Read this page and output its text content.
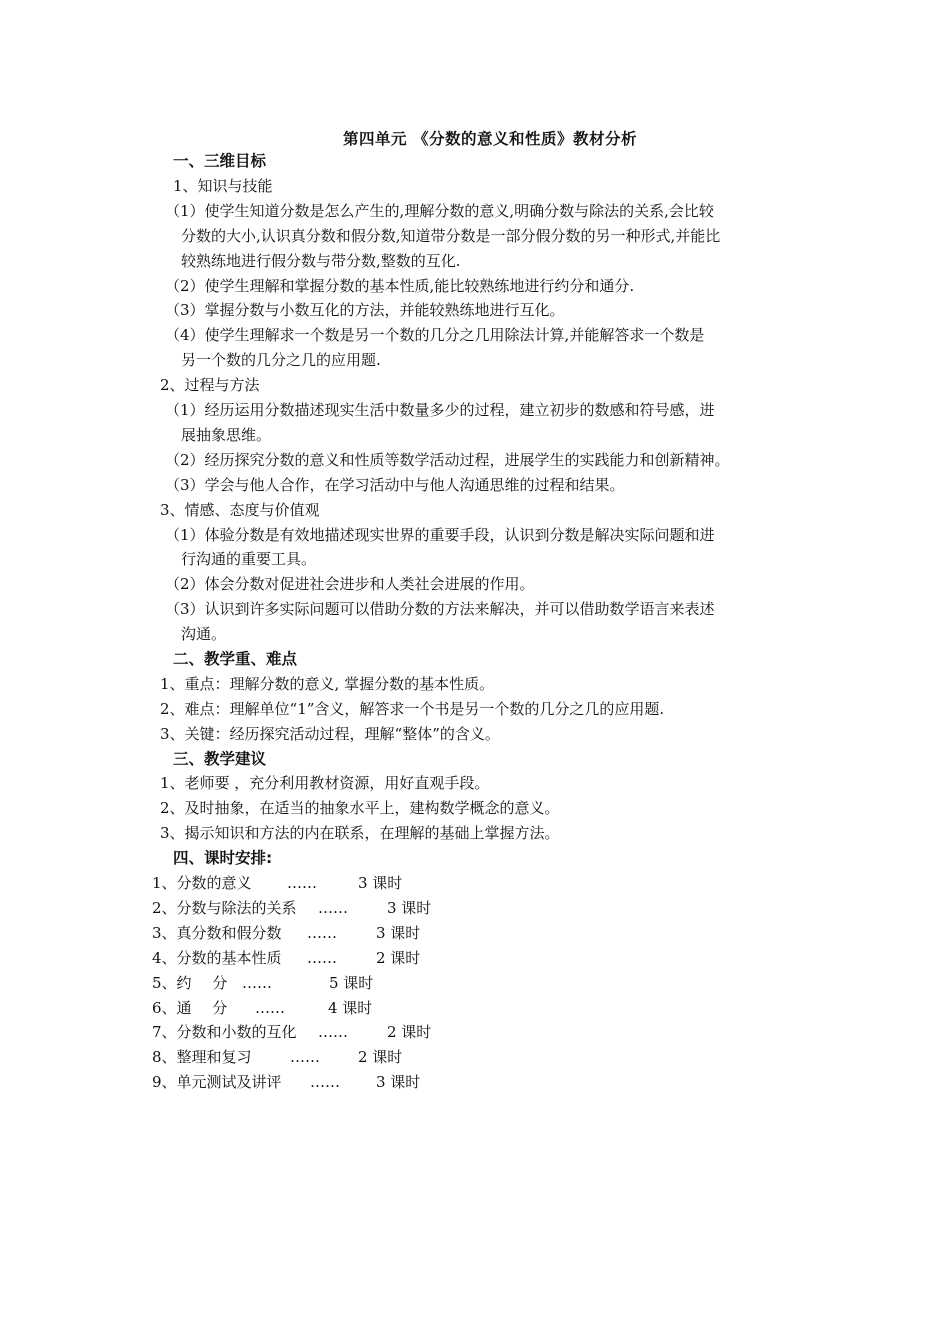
第四单元 《分数的意义和性质》教材分析
一、三维目标
1、知识与技能
（1）使学生知道分数是怎么产生的,理解分数的意义,明确分数与除法的关系,会比较
分数的大小,认识真分数和假分数,知道带分数是一部分假分数的另一种形式,并能比
较熟练地进行假分数与带分数,整数的互化.
（2）使学生理解和掌握分数的基本性质,能比较熟练地进行约分和通分.
（3）掌握分数与小数互化的方法，并能较熟练地进行互化。
（4）使学生理解求一个数是另一个数的几分之几用除法计算,并能解答求一个数是
另一个数的几分之几的应用题.
2、过程与方法
（1）经历运用分数描述现实生活中数量多少的过程，建立初步的数感和符号感，进
展抽象思维。
（2）经历探究分数的意义和性质等数学活动过程，进展学生的实践能力和创新精神。
（3）学会与他人合作，在学习活动中与他人沟通思维的过程和结果。
3、情感、态度与价值观
（1）体验分数是有效地描述现实世界的重要手段，认识到分数是解决实际问题和进
行沟通的重要工具。
（2）体会分数对促进社会进步和人类社会进展的作用。
（3）认识到许多实际问题可以借助分数的方法来解决，并可以借助数学语言来表述
沟通。
二、教学重、难点
1、重点：理解分数的意义, 掌握分数的基本性质。
2、难点：理解单位“1”含义，解答求一个书是另一个数的几分之几的应用题.
3、关键：经历探究活动过程，理解“整体”的含义。
三、教学建议
1、老师要 ，充分利用教材资源，用好直观手段。
2、及时抽象，在适当的抽象水平上，建构数学概念的意义。
3、揭示知识和方法的内在联系，在理解的基础上掌握方法。
四、课时安排:
1、分数的意义 ……	3 课时
2、分数与除法的关系 ……	3 课时
3、真分数和假分数 ……	3 课时
4、分数的基本性质 ……	2 课时
5、约 分 ……	5 课时
6、通 分 ……	4 课时
7、分数和小数的互化 ……	2 课时
8、整理和复习	……	2 课时
9、单元测试及讲评 …… 3 课时
